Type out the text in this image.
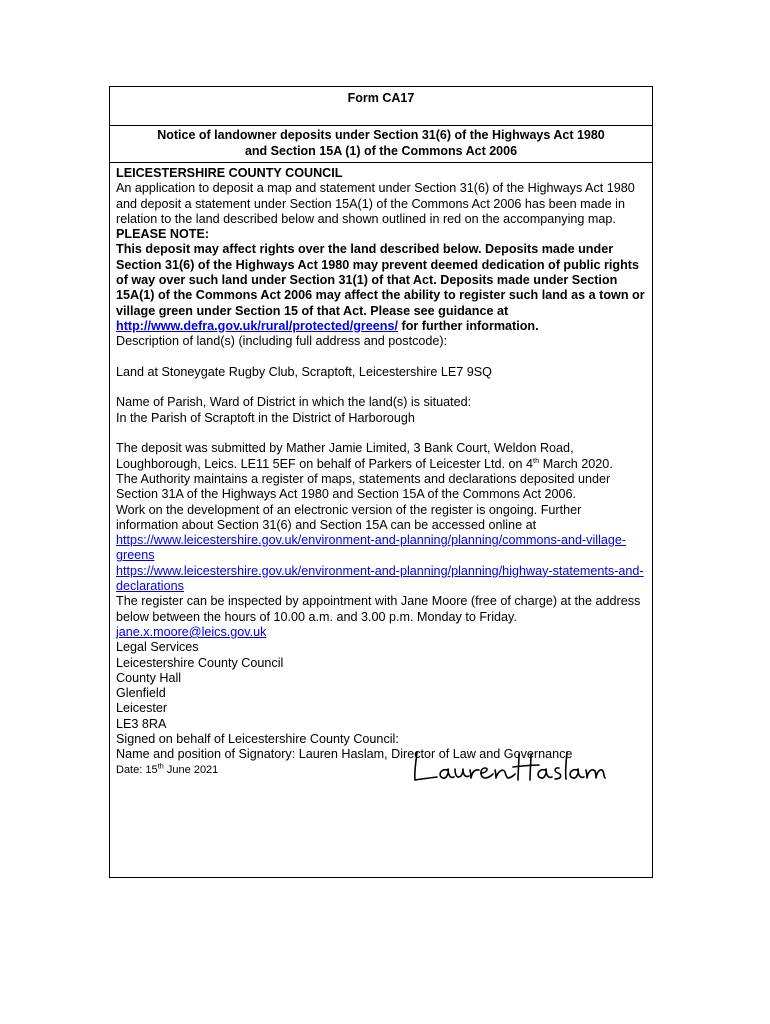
Form CA17
Notice of landowner deposits under Section 31(6) of the Highways Act 1980
and Section 15A (1) of the Commons Act 2006
LEICESTERSHIRE COUNTY COUNCIL
An application to deposit a map and statement under Section 31(6) of the Highways Act 1980 and deposit a statement under Section 15A(1) of the Commons Act 2006 has been made in relation to the land described below and shown outlined in red on the accompanying map.
PLEASE NOTE:
This deposit may affect rights over the land described below. Deposits made under Section 31(6) of the Highways Act 1980 may prevent deemed dedication of public rights of way over such land under Section 31(1) of that Act. Deposits made under Section 15A(1) of the Commons Act 2006 may affect the ability to register such land as a town or village green under Section 15 of that Act. Please see guidance at http://www.defra.gov.uk/rural/protected/greens/ for further information.
Description of land(s) (including full address and postcode):
Land at Stoneygate Rugby Club, Scraptoft, Leicestershire LE7 9SQ
Name of Parish, Ward of District in which the land(s) is situated:
In the Parish of Scraptoft in the District of Harborough
The deposit was submitted by Mather Jamie Limited, 3 Bank Court, Weldon Road, Loughborough, Leics. LE11 5EF on behalf of Parkers of Leicester Ltd. on 4th March 2020.
The Authority maintains a register of maps, statements and declarations deposited under Section 31A of the Highways Act 1980 and Section 15A of the Commons Act 2006.
Work on the development of an electronic version of the register is ongoing. Further information about Section 31(6) and Section 15A can be accessed online at
https://www.leicestershire.gov.uk/environment-and-planning/planning/commons-and-village-greens
https://www.leicestershire.gov.uk/environment-and-planning/planning/highway-statements-and-declarations
The register can be inspected by appointment with Jane Moore (free of charge) at the address below between the hours of 10.00 a.m. and 3.00 p.m. Monday to Friday.
jane.x.moore@leics.gov.uk
Legal Services
Leicestershire County Council
County Hall
Glenfield
Leicester
LE3 8RA
Signed on behalf of Leicestershire County Council:
Name and position of Signatory: Lauren Haslam, Director of Law and Governance
Date: 15th June 2021
